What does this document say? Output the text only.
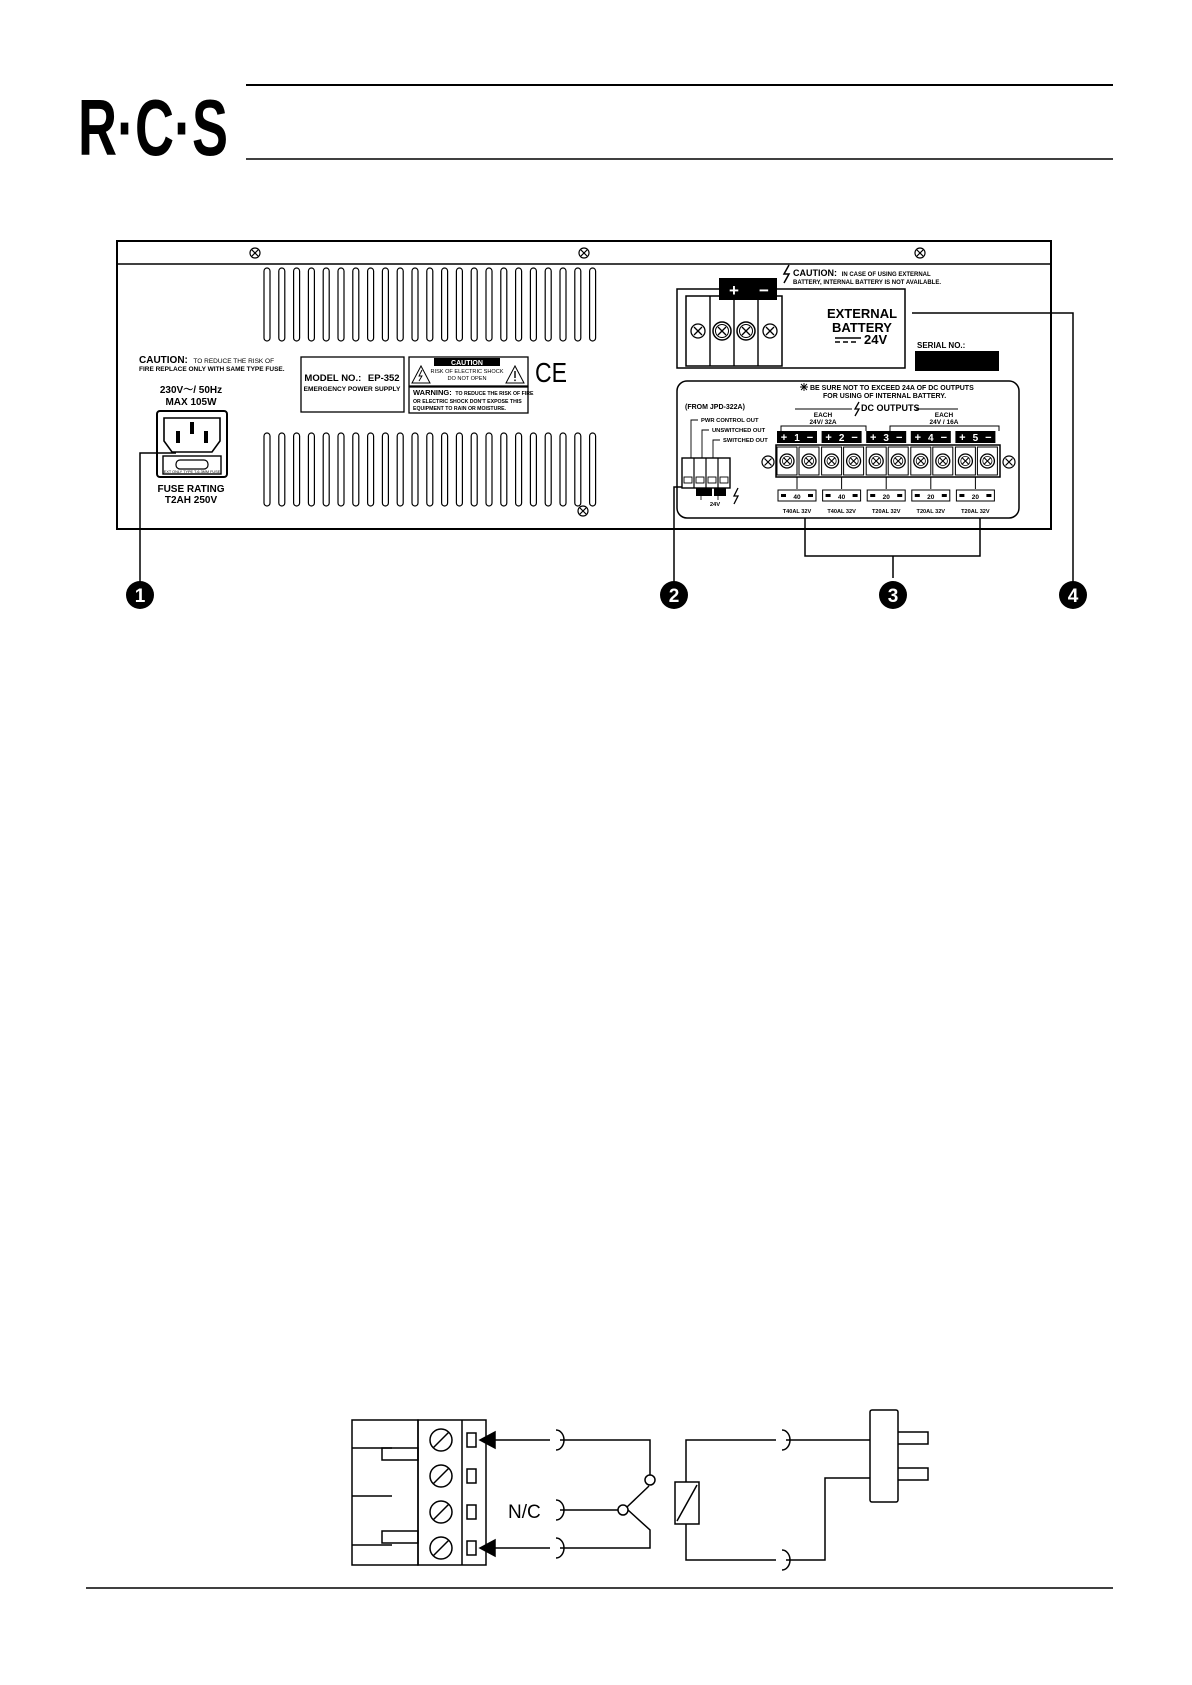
R·C·S
CAUTION: TO REDUCE THE RISK OF
FIRE REPLACE ONLY WITH SAME TYPE FUSE.
230V～/ 50Hz
MAX 105W
EXT ONLY TYPE T-6.3MM FUSE
FUSE RATING
T2AH 250V
MODEL NO.: EP-352
EMERGENCY POWER SUPPLY
CAUTION
RISK OF ELECTRIC SHOCK
DO NOT OPEN
WARNING: TO REDUCE THE RISK OF FIRE
OR ELECTRIC SHOCK DON'T EXPOSE THIS
EQUIPMENT TO RAIN OR MOISTURE.
CE
CAUTION: IN CASE OF USING EXTERNAL
BATTERY, INTERNAL BATTERY IS NOT AVAILABLE.
+ −
EXTERNAL
BATTERY
24V	SERIAL NO.:
BE SURE NOT TO EXCEED 24A OF DC OUTPUTS
FOR USING OF INTERNAL BATTERY.
DC OUTPUTS
(FROM JPD-322A)
PWR CONTROL OUT
UNSWITCHED OUT
SWITCHED OUT
24V
EACH
24V/ 32A
EACH
24V / 16A
+ 1 −
40
T40AL 32V
+ 2 −
40
T40AL 32V
+ 3 −
20
T20AL 32V
+ 4 −
20
T20AL 32V
+ 5 −
20
T20AL 32V
1	2	3	4
N/C
